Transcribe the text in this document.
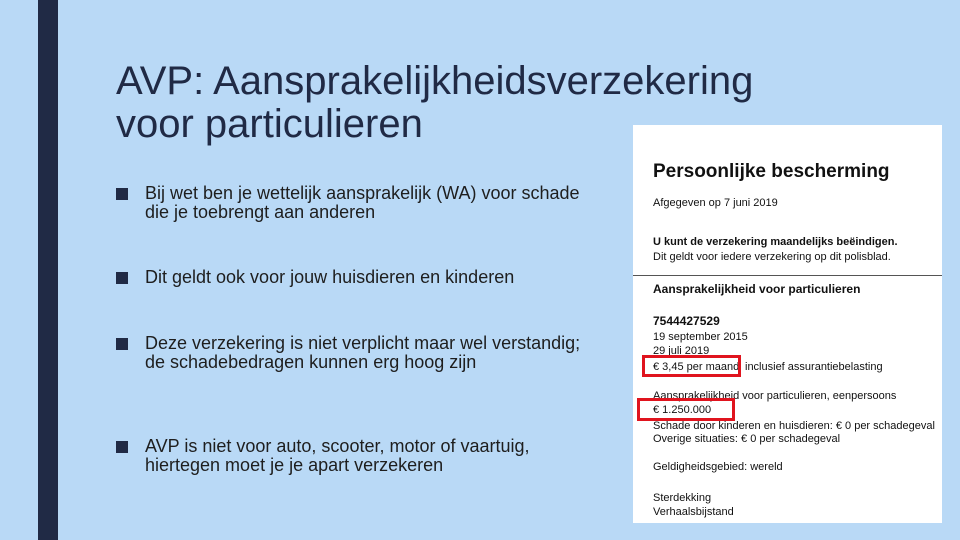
AVP: Aansprakelijkheidsverzekering voor particulieren
Bij wet ben je wettelijk aansprakelijk (WA) voor schade die je toebrengt aan anderen
Dit geldt ook voor jouw huisdieren en kinderen
Deze verzekering is niet verplicht maar wel verstandig; de schadebedragen kunnen erg hoog zijn
AVP is niet voor auto, scooter, motor of vaartuig, hiertegen moet je je apart verzekeren
Persoonlijke bescherming
Afgegeven op 7 juni 2019
U kunt de verzekering maandelijks beëindigen.
Dit geldt voor iedere verzekering op dit polisblad.
Aansprakelijkheid voor particulieren
7544427529
19 september 2015
29 juli 2019
€ 3,45 per maand inclusief assurantiebelasting
Aansprakelijkheid voor particulieren, eenpersoons
€ 1.250.000
Schade door kinderen en huisdieren: € 0 per schadegeval
Overige situaties: € 0 per schadegeval
Geldigheidsgebied: wereld
Sterdekking
Verhaalsbijstand
